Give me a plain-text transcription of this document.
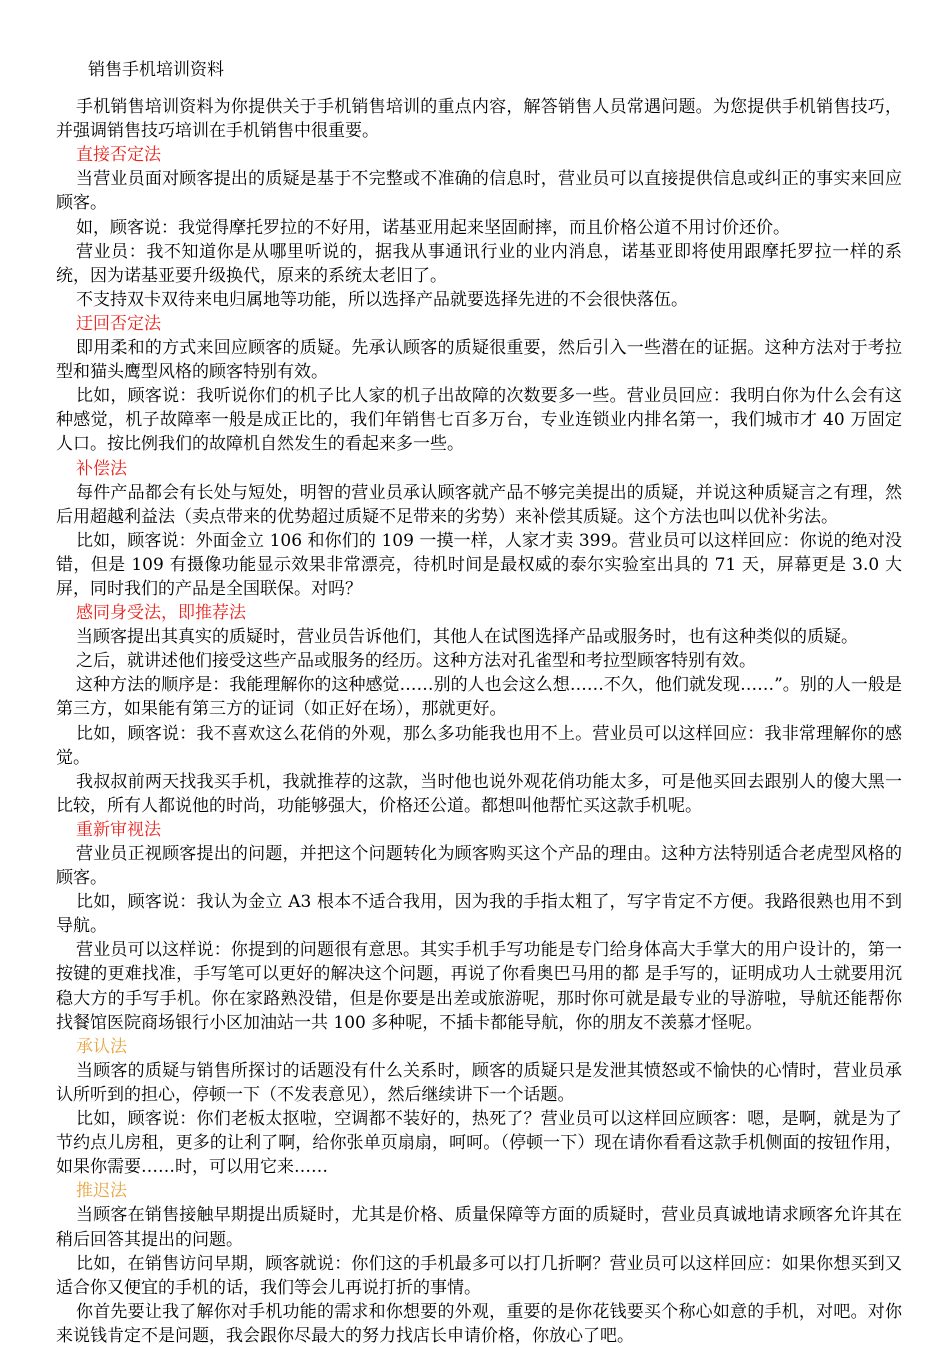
销售手机培训资料

手机销售培训资料为你提供关于手机销售培训的重点内容，解答销售人员常遇问题。为您提供手机销售技巧，并强调销售技巧培训在手机销售中很重要。

直接否定法

当营业员面对顾客提出的质疑是基于不完整或不准确的信息时，营业员可以直接提供信息或纠正的事实来回应顾客。

如，顾客说：我觉得摩托罗拉的不好用，诺基亚用起来坚固耐摔，而且价格公道不用讨价还价。

营业员：我不知道你是从哪里听说的，据我从事通讯行业的业内消息，诺基亚即将使用跟摩托罗拉一样的系统，因为诺基亚要升级换代，原来的系统太老旧了。

不支持双卡双待来电归属地等功能，所以选择产品就要选择先进的不会很快落伍。

迂回否定法

即用柔和的方式来回应顾客的质疑。先承认顾客的质疑很重要，然后引入一些潜在的证据。这种方法对于考拉型和猫头鹰型风格的顾客特别有效。

比如，顾客说：我听说你们的机子比人家的机子出故障的次数要多一些。营业员回应：我明白你为什么会有这种感觉，机子故障率一般是成正比的，我们年销售七百多万台，专业连锁业内排名第一，我们城市才 40 万固定人口。按比例我们的故障机自然发生的看起来多一些。

补偿法

每件产品都会有长处与短处，明智的营业员承认顾客就产品不够完美提出的质疑，并说这种质疑言之有理，然后用超越利益法（卖点带来的优势超过质疑不足带来的劣势）来补偿其质疑。这个方法也叫以优补劣法。

比如，顾客说：外面金立 106 和你们的 109 一摸一样，人家才卖 399。营业员可以这样回应：你说的绝对没错，但是 109 有摄像功能显示效果非常漂亮，待机时间是最权威的泰尔实验室出具的 71 天，屏幕更是 3.0 大屏，同时我们的产品是全国联保。对吗？

感同身受法，即推荐法

当顾客提出其真实的质疑时，营业员告诉他们，其他人在试图选择产品或服务时，也有这种类似的质疑。

之后，就讲述他们接受这些产品或服务的经历。这种方法对孔雀型和考拉型顾客特别有效。

这种方法的顺序是：我能理解你的这种感觉……别的人也会这么想……不久，他们就发现……”。别的人一般是第三方，如果能有第三方的证词（如正好在场），那就更好。

比如，顾客说：我不喜欢这么花俏的外观，那么多功能我也用不上。营业员可以这样回应：我非常理解你的感觉。

我叔叔前两天找我买手机，我就推荐的这款，当时他也说外观花俏功能太多，可是他买回去跟别人的傻大黑一比较，所有人都说他的时尚，功能够强大，价格还公道。都想叫他帮忙买这款手机呢。

重新审视法

营业员正视顾客提出的问题，并把这个问题转化为顾客购买这个产品的理由。这种方法特别适合老虎型风格的顾客。

比如，顾客说：我认为金立 A3 根本不适合我用，因为我的手指太粗了，写字肯定不方便。我路很熟也用不到导航。

营业员可以这样说：你提到的问题很有意思。其实手机手写功能是专门给身体高大手掌大的用户设计的，第一按键的更难找准，手写笔可以更好的解决这个问题，再说了你看奥巴马用的都 是手写的，证明成功人士就要用沉稳大方的手写手机。你在家路熟没错，但是你要是出差或旅游呢，那时你可就是最专业的导游啦，导航还能帮你找餐馆医院商场银行小区加油站一共 100 多种呢，不插卡都能导航，你的朋友不羡慕才怪呢。

承认法

当顾客的质疑与销售所探讨的话题没有什么关系时，顾客的质疑只是发泄其愤怒或不愉快的心情时，营业员承认所听到的担心，停顿一下（不发表意见），然后继续讲下一个话题。

比如，顾客说：你们老板太抠啦，空调都不装好的，热死了？营业员可以这样回应顾客：嗯，是啊，就是为了节约点儿房租，更多的让利了啊，给你张单页扇扇，呵呵。（停顿一下）现在请你看看这款手机侧面的按钮作用，如果你需要……时，可以用它来……

推迟法

当顾客在销售接触早期提出质疑时，尤其是价格、质量保障等方面的质疑时，营业员真诚地请求顾客允许其在稍后回答其提出的问题。

比如，在销售访问早期，顾客就说：你们这的手机最多可以打几折啊？营业员可以这样回应：如果你想买到又适合你又便宜的手机的话，我们等会儿再说打折的事情。

你首先要让我了解你对手机功能的需求和你想要的外观，重要的是你花钱要买个称心如意的手机，对吧。对你来说钱肯定不是问题，我会跟你尽最大的努力找店长申请价格，你放心了吧。
